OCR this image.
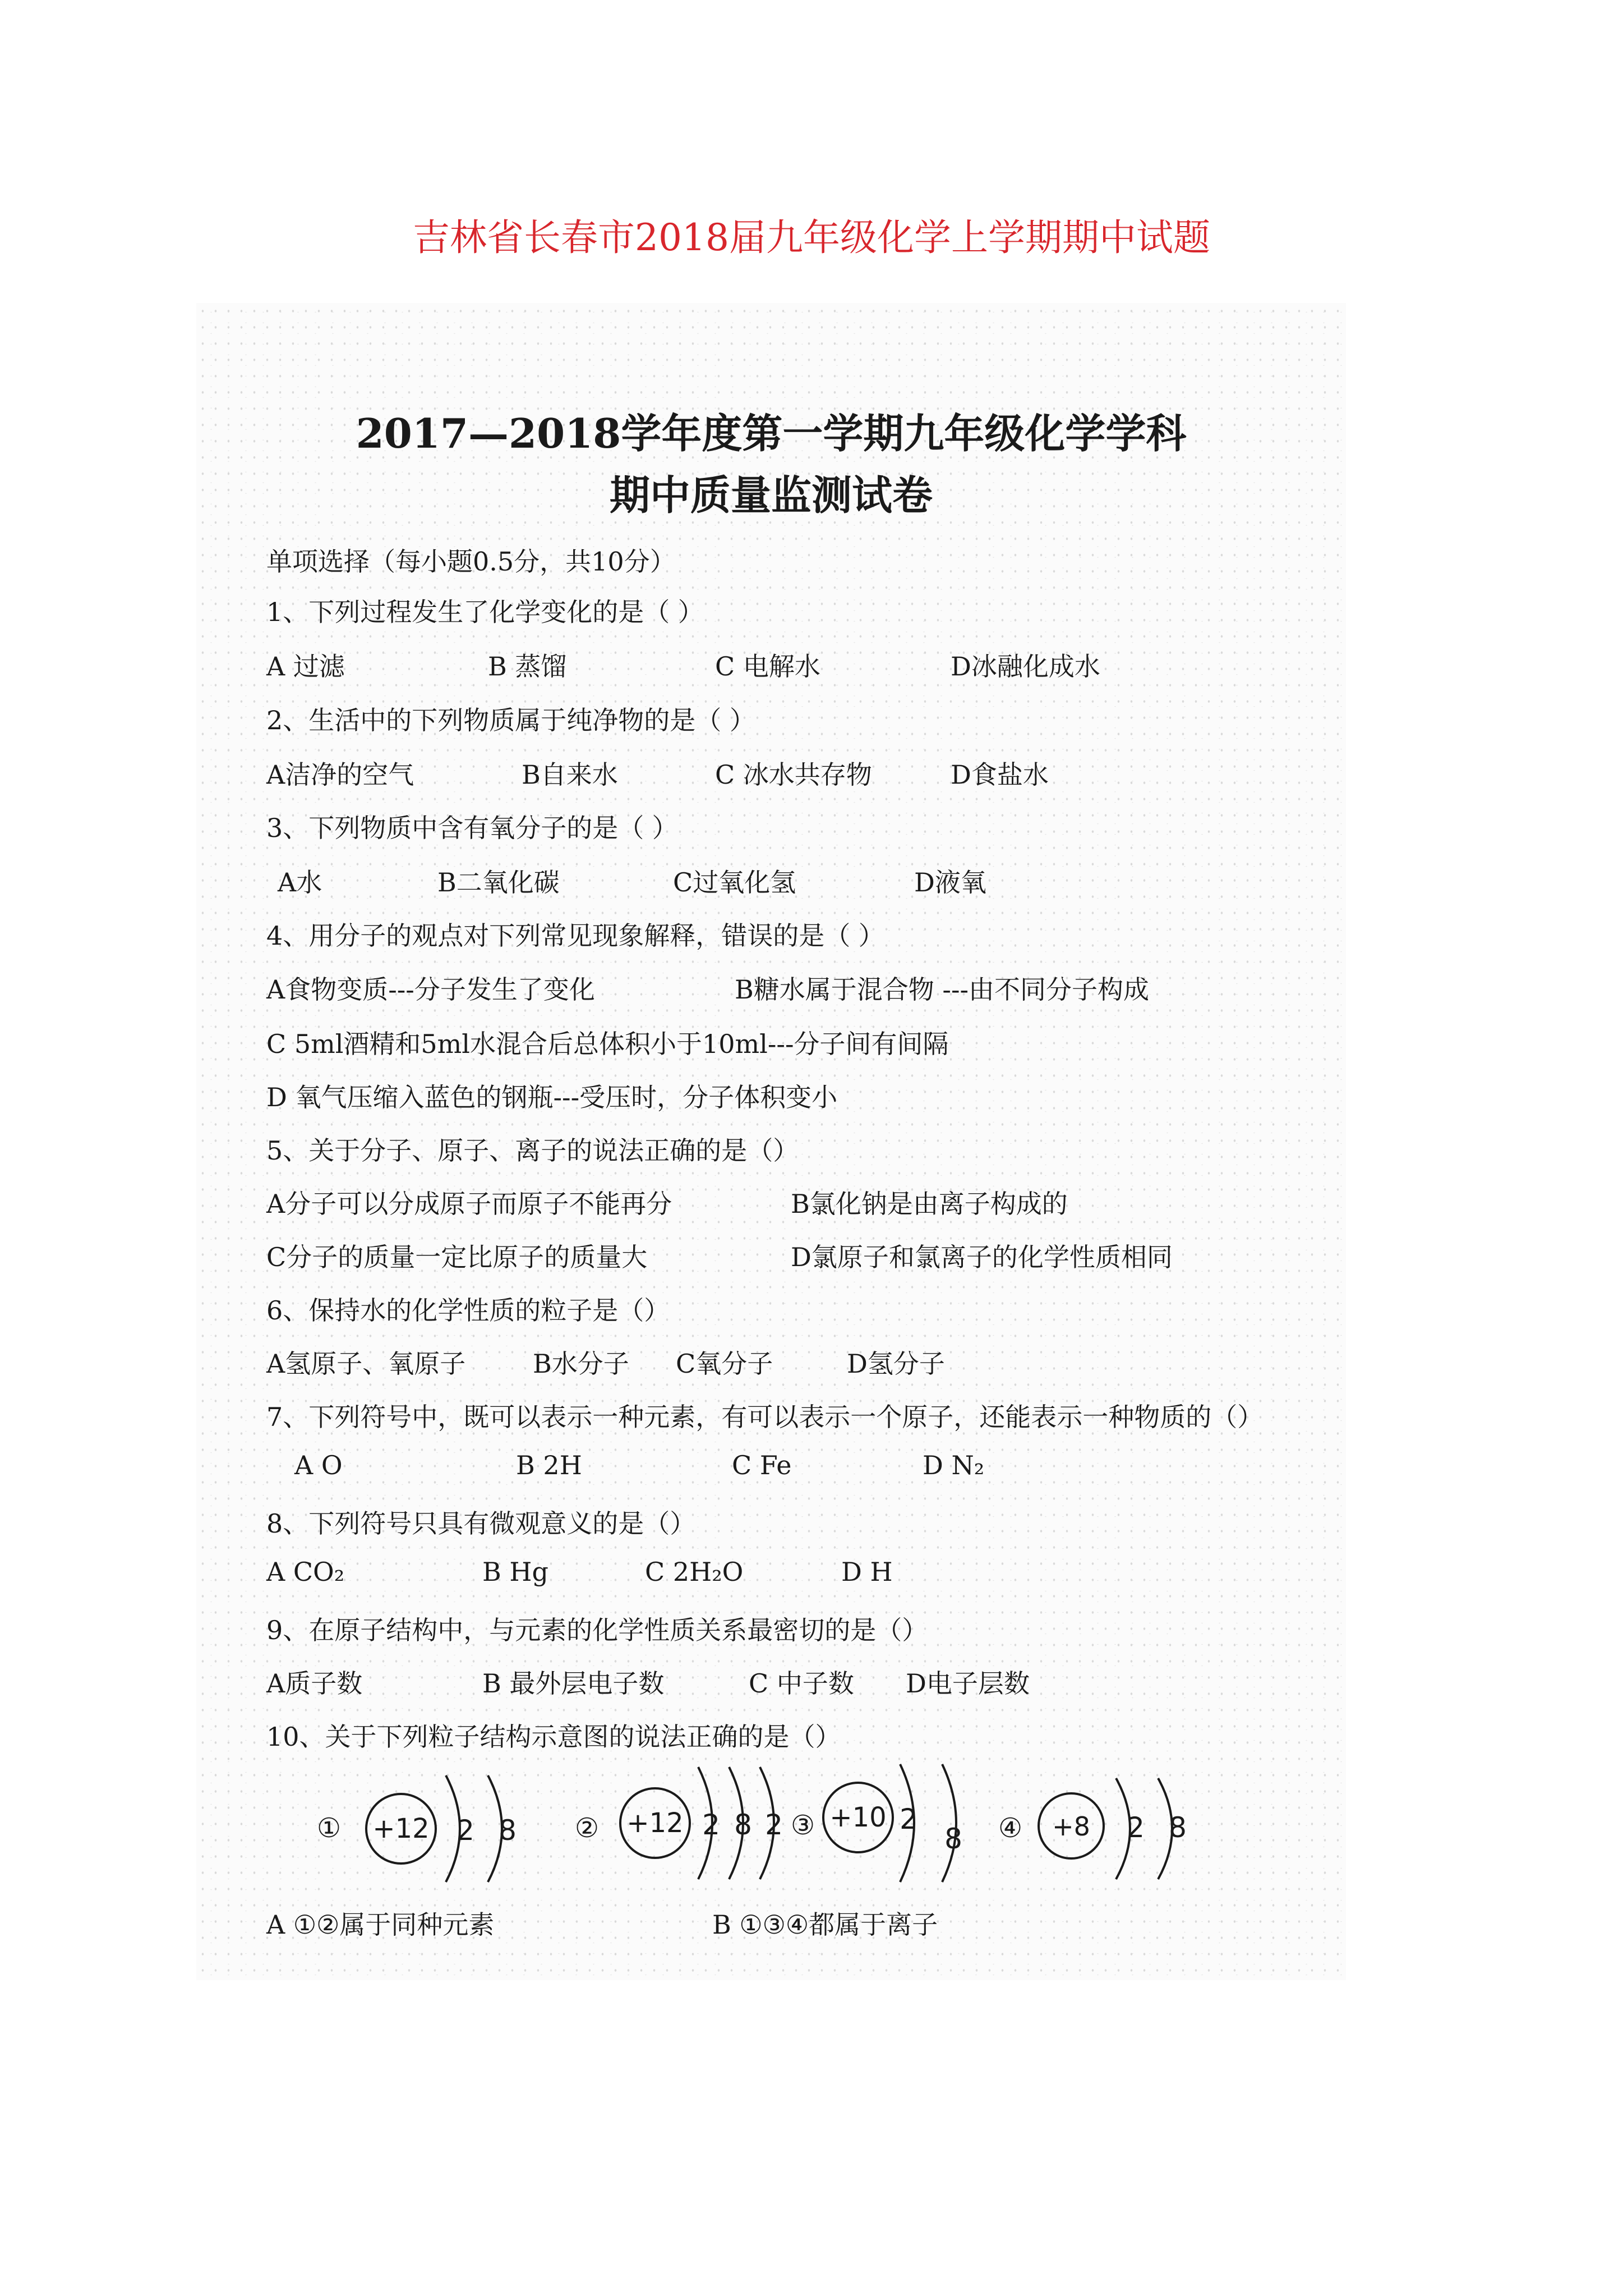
吉林省长春市2018届九年级化学上学期期中试题
2017—2018学年度第一学期九年级化学学科
期中质量监测试卷
单项选择（每小题0.5分，共10分）
1、下列过程发生了化学变化的是（ ）
A 过滤	B 蒸馏	C 电解水	D冰融化成水
2、生活中的下列物质属于纯净物的是（ ）
A洁净的空气	B自来水	C 冰水共存物	D食盐水
3、下列物质中含有氧分子的是（ ）
A水	B二氧化碳	C过氧化氢	D液氧
4、用分子的观点对下列常见现象解释，错误的是（ ）
A食物变质---分子发生了变化	B糖水属于混合物 ---由不同分子构成
C 5ml酒精和5ml水混合后总体积小于10ml---分子间有间隔
D 氧气压缩入蓝色的钢瓶---受压时，分子体积变小
5、关于分子、原子、离子的说法正确的是（）
A分子可以分成原子而原子不能再分	B氯化钠是由离子构成的
C分子的质量一定比原子的质量大	D氯原子和氯离子的化学性质相同
6、保持水的化学性质的粒子是（）
A氢原子、氧原子	B水分子 C氧分子	D氢分子
7、下列符号中，既可以表示一种元素，有可以表示一个原子，还能表示一种物质的（）
A O	B 2H	C Fe	D N₂
8、下列符号只具有微观意义的是（）
A CO₂	B Hg	C 2H₂O	D H
9、在原子结构中，与元素的化学性质关系最密切的是（）
A质子数	B 最外层电子数	C 中子数 D电子层数
10、关于下列粒子结构示意图的说法正确的是（）
① +12 2 8 ② +12 2 8 2 ③ +10 2
8 ④ +8 2 8
A ①②属于同种元素	B ①③④都属于离子
